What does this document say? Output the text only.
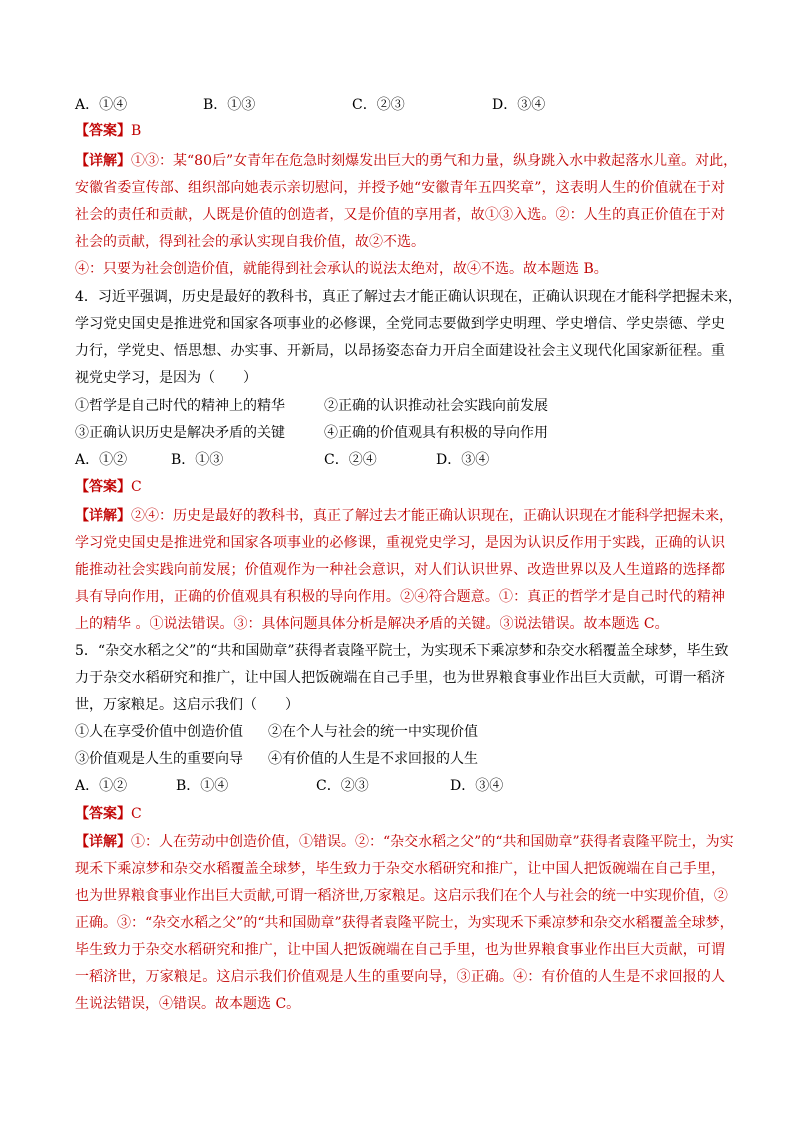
A．①④	B．①③	C．②③	D．③④
【答案】B
【详解】①③：某“80后”女青年在危急时刻爆发出巨大的勇气和力量，纵身跳入水中救起落水儿童。对此，
安徽省委宣传部、组织部向她表示亲切慰问，并授予她“安徽青年五四奖章”，这表明人生的价值就在于对
社会的责任和贡献，人既是价值的创造者，又是价值的享用者，故①③入选。②：人生的真正价值在于对
社会的贡献，得到社会的承认实现自我价值，故②不选。
④：只要为社会创造价值，就能得到社会承认的说法太绝对，故④不选。故本题选 B。
4．习近平强调，历史是最好的教科书，真正了解过去才能正确认识现在，正确认识现在才能科学把握未来，
学习党史国史是推进党和国家各项事业的必修课，全党同志要做到学史明理、学史增信、学史崇德、学史
力行，学党史、悟思想、办实事、开新局，以昂扬姿态奋力开启全面建设社会主义现代化国家新征程。重
视党史学习，是因为（　　）
①哲学是自己时代的精神上的精华	②正确的认识推动社会实践向前发展
③正确认识历史是解决矛盾的关键	④正确的价值观具有积极的导向作用
A．①②	B．①③	C．②④	D．③④
【答案】C
【详解】②④：历史是最好的教科书，真正了解过去才能正确认识现在，正确认识现在才能科学把握未来，
学习党史国史是推进党和国家各项事业的必修课，重视党史学习，是因为认识反作用于实践，正确的认识
能推动社会实践向前发展；价值观作为一种社会意识，对人们认识世界、改造世界以及人生道路的选择都
具有导向作用，正确的价值观具有积极的导向作用。②④符合题意。①：真正的哲学才是自己时代的精神
上的精华 。①说法错误。③：具体问题具体分析是解决矛盾的关键。③说法错误。故本题选 C。
5．“杂交水稻之父”的“共和国勋章”获得者袁隆平院士，为实现禾下乘凉梦和杂交水稻覆盖全球梦，毕生致
力于杂交水稻研究和推广，让中国人把饭碗端在自己手里，也为世界粮食事业作出巨大贡献，可谓一稻济
世，万家粮足。这启示我们（　　）
①人在享受价值中创造价值 ②在个人与社会的统一中实现价值
③价值观是人生的重要向导 ④有价值的人生是不求回报的人生
A．①②	B．①④	C．②③	D．③④
【答案】C
【详解】①：人在劳动中创造价值，①错误。②：“杂交水稻之父”的“共和国勋章”获得者袁隆平院士，为实
现禾下乘凉梦和杂交水稻覆盖全球梦，毕生致力于杂交水稻研究和推广，让中国人把饭碗端在自己手里，
也为世界粮食事业作出巨大贡献,可谓一稻济世,万家粮足。这启示我们在个人与社会的统一中实现价值，②
正确。③：“杂交水稻之父”的“共和国勋章”获得者袁隆平院士，为实现禾下乘凉梦和杂交水稻覆盖全球梦，
毕生致力于杂交水稻研究和推广，让中国人把饭碗端在自己手里，也为世界粮食事业作出巨大贡献，可谓
一稻济世，万家粮足。这启示我们价值观是人生的重要向导，③正确。④：有价值的人生是不求回报的人
生说法错误，④错误。故本题选 C。
